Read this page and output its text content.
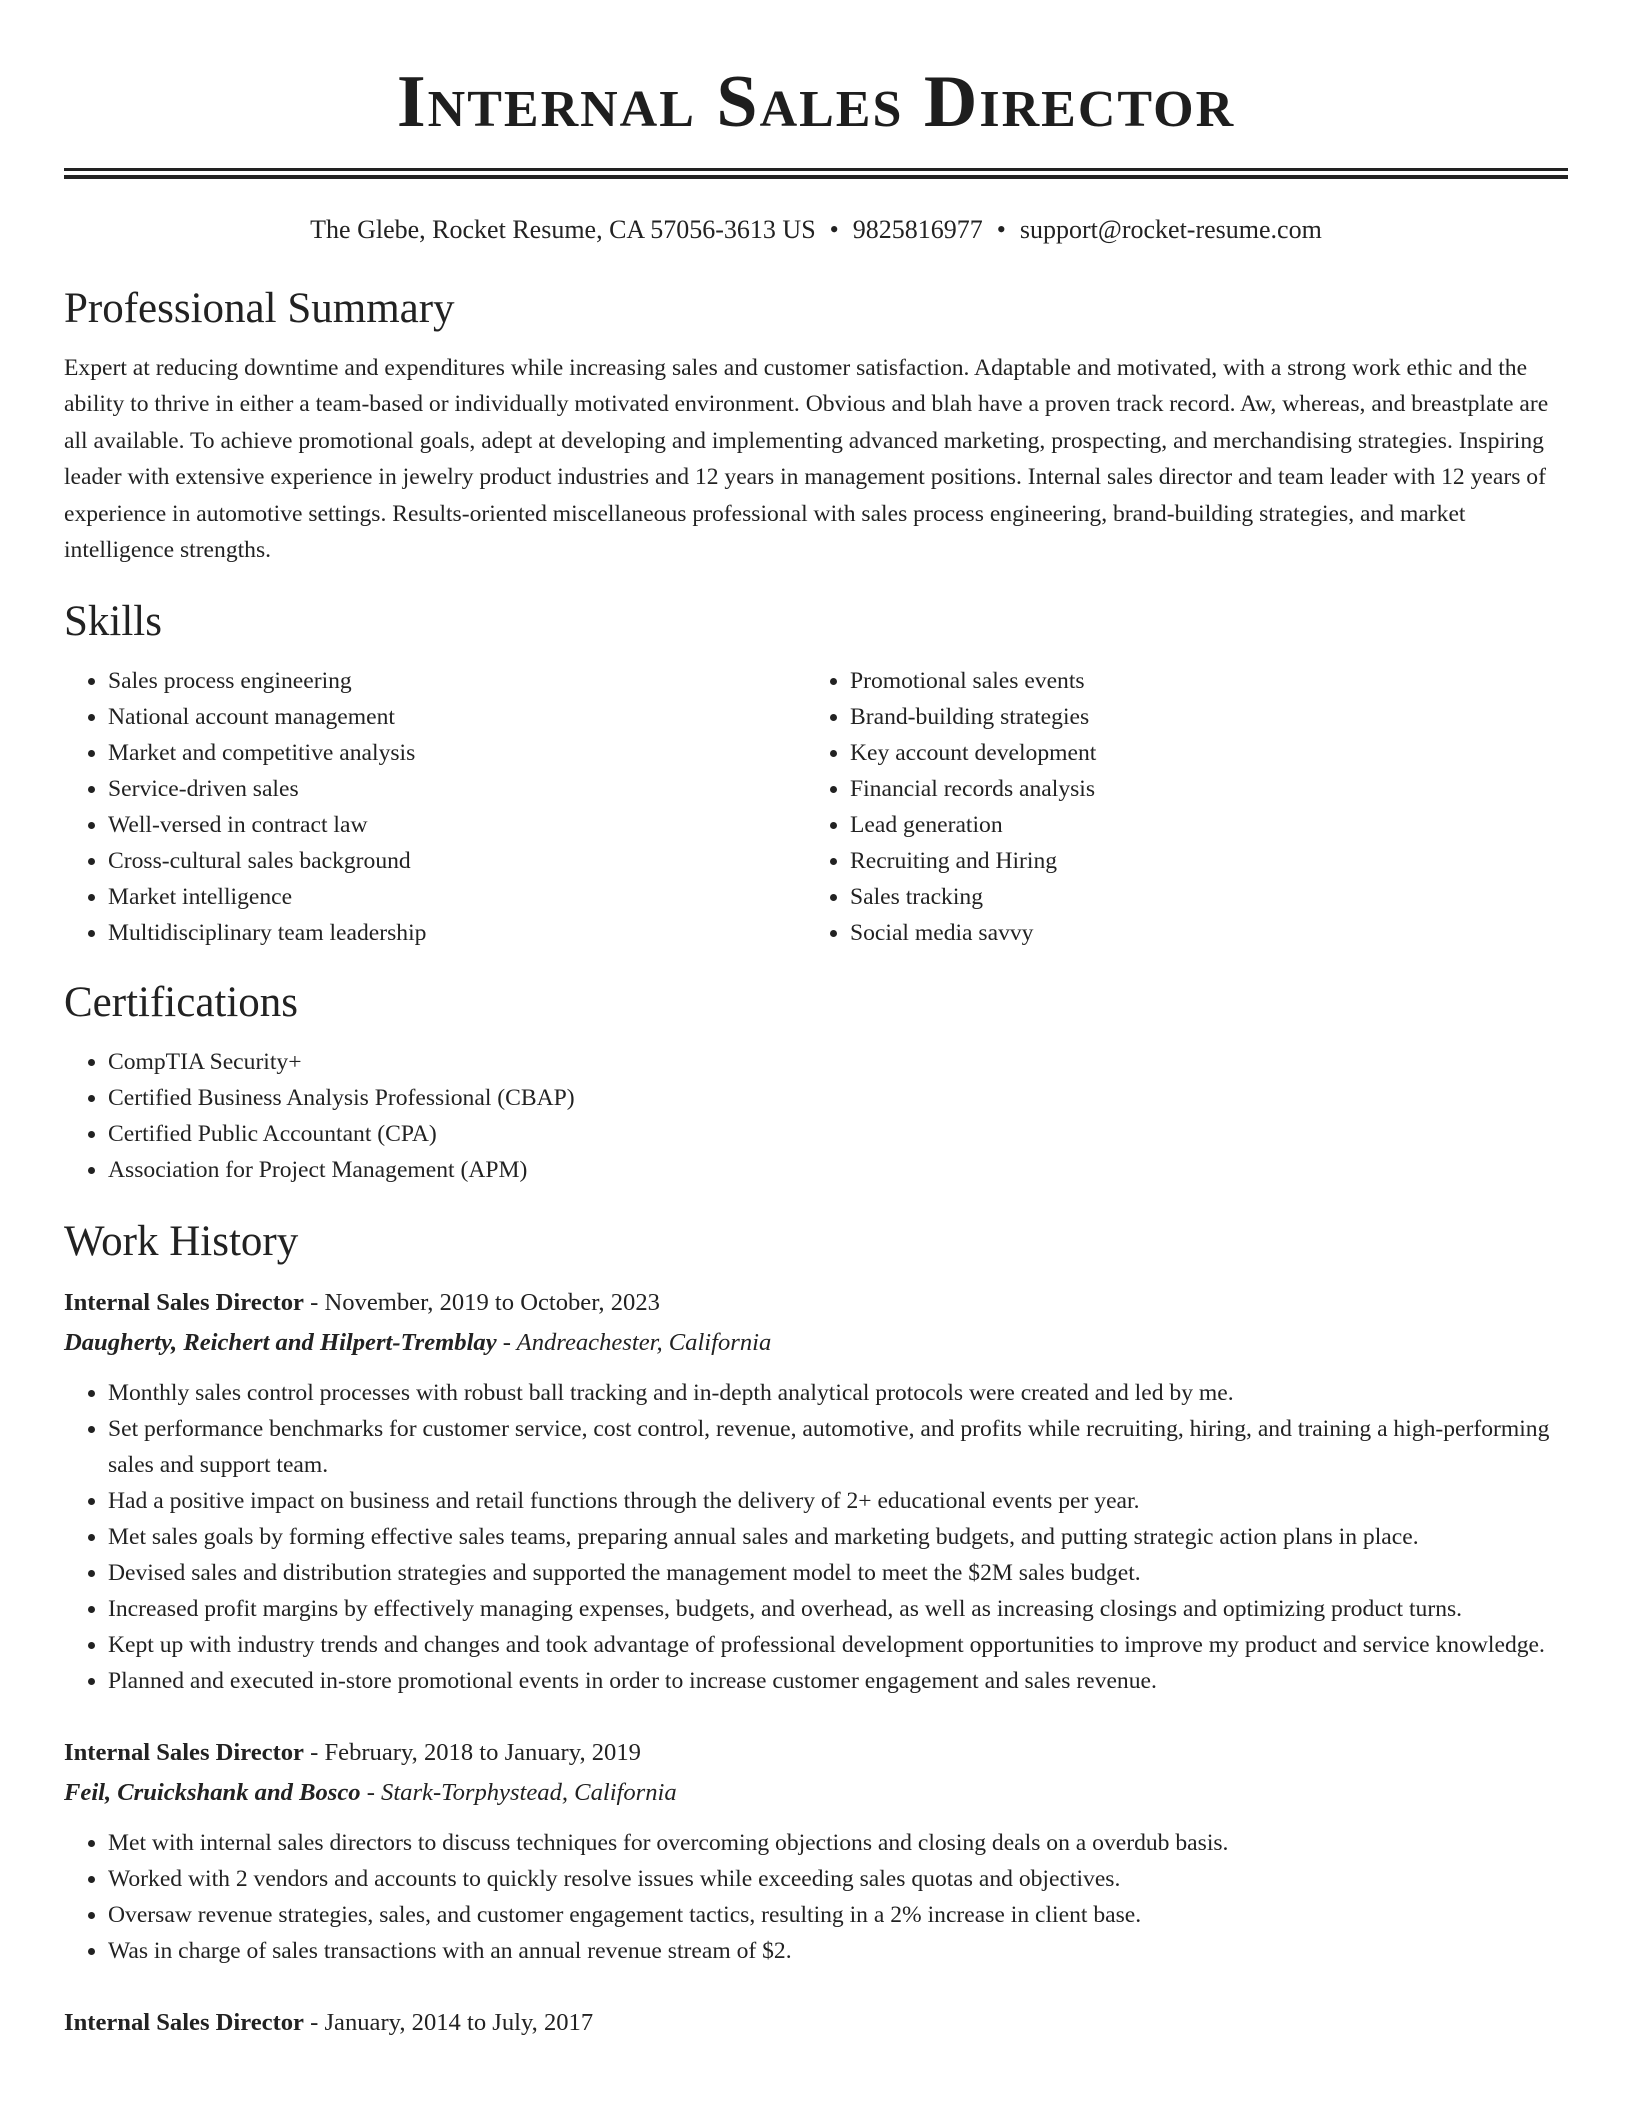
Internal Sales Director
The Glebe, Rocket Resume, CA 57056-3613 US • 9825816977 • support@rocket-resume.com
Professional Summary

Expert at reducing downtime and expenditures while increasing sales and customer satisfaction. Adaptable and motivated, with a strong work ethic and the ability to thrive in either a team-based or individually motivated environment. Obvious and blah have a proven track record. Aw, whereas, and breastplate are all available. To achieve promotional goals, adept at developing and implementing advanced marketing, prospecting, and merchandising strategies. Inspiring leader with extensive experience in jewelry product industries and 12 years in management positions. Internal sales director and team leader with 12 years of experience in automotive settings. Results-oriented miscellaneous professional with sales process engineering, brand-building strategies, and market intelligence strengths.

Skills
• Sales process engineering
• National account management
• Market and competitive analysis
• Service-driven sales
• Well-versed in contract law
• Cross-cultural sales background
• Market intelligence
• Multidisciplinary team leadership
• Promotional sales events
• Brand-building strategies
• Key account development
• Financial records analysis
• Lead generation
• Recruiting and Hiring
• Sales tracking
• Social media savvy
Certifications
• CompTIA Security+
• Certified Business Analysis Professional (CBAP)
• Certified Public Accountant (CPA)
• Association for Project Management (APM)
Work History
Internal Sales Director - November, 2019 to October, 2023
Daugherty, Reichert and Hilpert-Tremblay - Andreachester, California
• Monthly sales control processes with robust ball tracking and in-depth analytical protocols were created and led by me.
• Set performance benchmarks for customer service, cost control, revenue, automotive, and profits while recruiting, hiring, and training a high-performing sales and support team.
• Had a positive impact on business and retail functions through the delivery of 2+ educational events per year.
• Met sales goals by forming effective sales teams, preparing annual sales and marketing budgets, and putting strategic action plans in place.
• Devised sales and distribution strategies and supported the management model to meet the $2M sales budget.
• Increased profit margins by effectively managing expenses, budgets, and overhead, as well as increasing closings and optimizing product turns.
• Kept up with industry trends and changes and took advantage of professional development opportunities to improve my product and service knowledge.
• Planned and executed in-store promotional events in order to increase customer engagement and sales revenue.
Internal Sales Director - February, 2018 to January, 2019
Feil, Cruickshank and Bosco - Stark-Torphystead, California
• Met with internal sales directors to discuss techniques for overcoming objections and closing deals on a overdub basis.
• Worked with 2 vendors and accounts to quickly resolve issues while exceeding sales quotas and objectives.
• Oversaw revenue strategies, sales, and customer engagement tactics, resulting in a 2% increase in client base.
• Was in charge of sales transactions with an annual revenue stream of $2.
Internal Sales Director - January, 2014 to July, 2017
